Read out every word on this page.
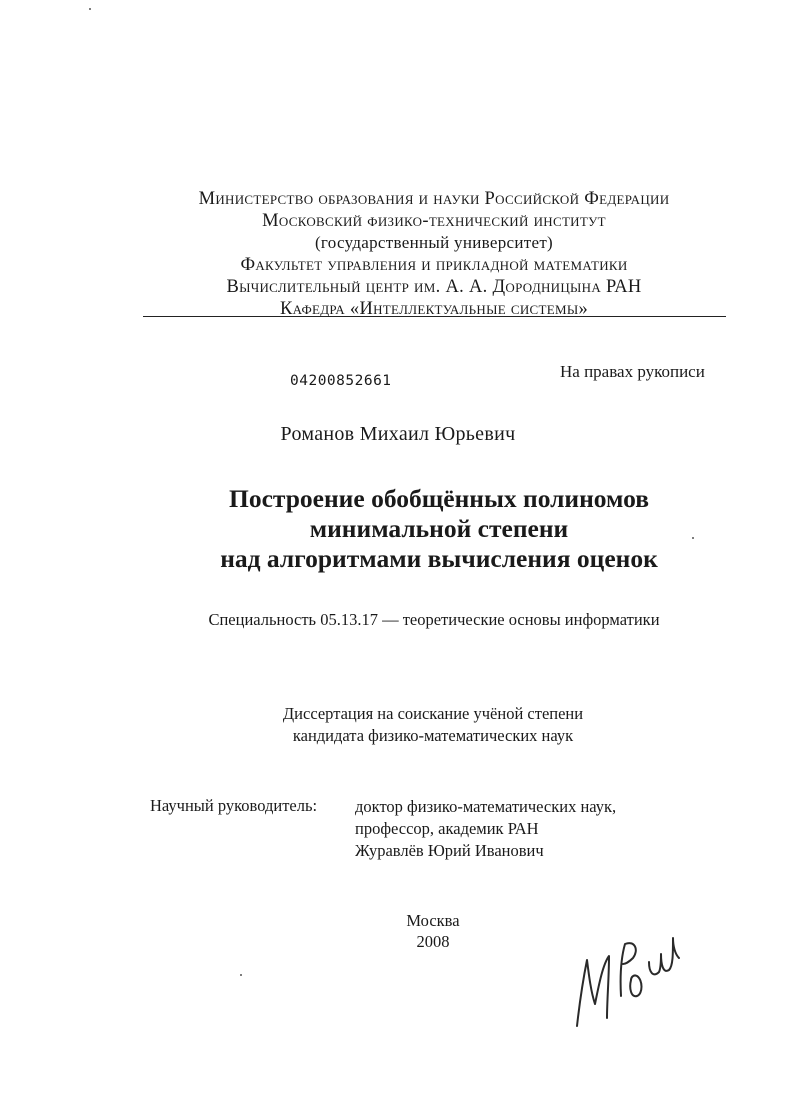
Министерство образования и науки Российской Федерации
Московский физико-технический институт
(государственный университет)
Факультет управления и прикладной математики
Вычислительный центр им. А. А. Дородницына РАН
Кафедра «Интеллектуальные системы»
04200852661	На правах рукописи
Романов Михаил Юрьевич
Построение обобщённых полиномов
минимальной степени
над алгоритмами вычисления оценок
Специальность 05.13.17 — теоретические основы информатики
Диссертация на соискание учёной степени
кандидата физико-математических наук
Научный руководитель: доктор физико-математических наук,
профессор, академик РАН
Журавлёв Юрий Иванович
Москва
2008
